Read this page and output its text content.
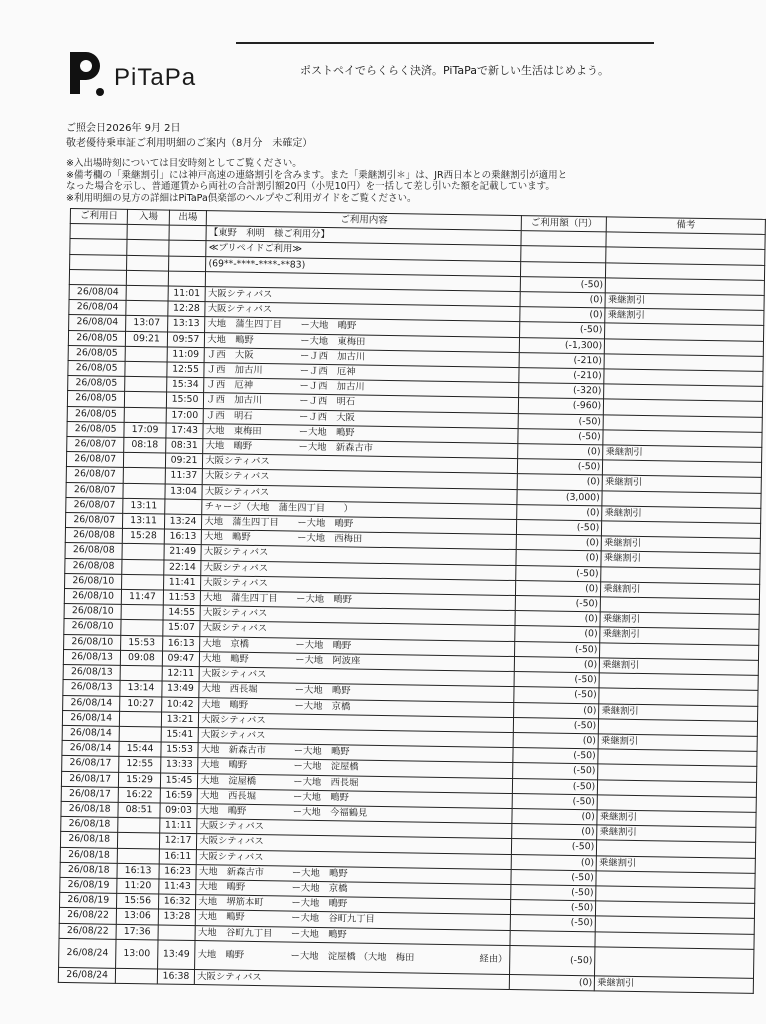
PiTaPa	ポストペイでらくらく決済。PiTaPaで新しい生活はじめよう。
ご照会日2026年 9月 2日
敬老優待乗車証ご利用明細のご案内（8月分　未確定）
※入出場時刻については目安時刻としてご覧ください。
※備考欄の「乗継割引」には神戸高速の連絡割引を含みます。また「乗継割引＊」は、JR西日本との乗継割引が適用と
なった場合を示し、普通運賃から両社の合計割引額20円（小児10円）を一括して差し引いた額を記載しています。
※利用明細の見方の詳細はPiTaPa倶楽部のヘルプやご利用ガイドをご覧ください。
ご利用日	入場	出場	ご利用内容	ご利用額（円）	備考
			【東野　利明　様ご利用分】		
			≪プリペイドご利用≫		
			(69**-****-****-**83)		
				(-50)	
26/08/04		11:01	大阪シティバス	(0)	乗継割引
26/08/04		12:28	大阪シティバス	(0)	乗継割引
26/08/04	13:07	13:13	大地　蒲生四丁目　　ー大地　鴫野	(-50)	
26/08/05	09:21	09:57	大地　鴫野　　　　　ー大地　東梅田	(-1,300)	
26/08/05		11:09	Ｊ西　大阪　　　　　ーＪ西　加古川	(-210)	
26/08/05		12:55	Ｊ西　加古川　　　　ーＪ西　厄神	(-210)	
26/08/05		15:34	Ｊ西　厄神　　　　　ーＪ西　加古川	(-320)	
26/08/05		15:50	Ｊ西　加古川　　　　ーＪ西　明石	(-960)	
26/08/05		17:00	Ｊ西　明石　　　　　ーＪ西　大阪	(-50)	
26/08/05	17:09	17:43	大地　東梅田　　　　ー大地　鴫野	(-50)	
26/08/07	08:18	08:31	大地　鴫野　　　　　ー大地　新森古市	(0)	乗継割引
26/08/07		09:21	大阪シティバス	(-50)	
26/08/07		11:37	大阪シティバス	(0)	乗継割引
26/08/07		13:04	大阪シティバス	(3,000)	
26/08/07	13:11		チャージ（大地　蒲生四丁目　　）	(0)	乗継割引
26/08/07	13:11	13:24	大地　蒲生四丁目　　ー大地　鴫野	(-50)	
26/08/08	15:28	16:13	大地　鴫野　　　　　ー大地　西梅田	(0)	乗継割引
26/08/08		21:49	大阪シティバス	(0)	乗継割引
26/08/08		22:14	大阪シティバス	(-50)	
26/08/10		11:41	大阪シティバス	(0)	乗継割引
26/08/10	11:47	11:53	大地　蒲生四丁目　　ー大地　鴫野	(-50)	
26/08/10		14:55	大阪シティバス	(0)	乗継割引
26/08/10		15:07	大阪シティバス	(0)	乗継割引
26/08/10	15:53	16:13	大地　京橋　　　　　ー大地　鴫野	(-50)	
26/08/13	09:08	09:47	大地　鴫野　　　　　ー大地　阿波座	(0)	乗継割引
26/08/13		12:11	大阪シティバス	(-50)	
26/08/13	13:14	13:49	大地　西長堀　　　　ー大地　鴫野	(-50)	
26/08/14	10:27	10:42	大地　鴫野　　　　　ー大地　京橋	(0)	乗継割引
26/08/14		13:21	大阪シティバス	(-50)	
26/08/14		15:41	大阪シティバス	(0)	乗継割引
26/08/14	15:44	15:53	大地　新森古市　　　ー大地　鴫野	(-50)	
26/08/17	12:55	13:33	大地　鴫野　　　　　ー大地　淀屋橋	(-50)	
26/08/17	15:29	15:45	大地　淀屋橋　　　　ー大地　西長堀	(-50)	
26/08/17	16:22	16:59	大地　西長堀　　　　ー大地　鴫野	(-50)	
26/08/18	08:51	09:03	大地　鴫野　　　　　ー大地　今福鶴見	(0)	乗継割引
26/08/18		11:11	大阪シティバス	(0)	乗継割引
26/08/18		12:17	大阪シティバス	(-50)	
26/08/18		16:11	大阪シティバス	(0)	乗継割引
26/08/18	16:13	16:23	大地　新森古市　　　ー大地　鴫野	(-50)	
26/08/19	11:20	11:43	大地　鴫野　　　　　ー大地　京橋	(-50)	
26/08/19	15:56	16:32	大地　堺筋本町　　　ー大地　鴫野	(-50)	
26/08/22	13:06	13:28	大地　鴫野　　　　　ー大地　谷町九丁目	(-50)	
26/08/22	17:36		大地　谷町九丁目　　ー大地　鴫野		
26/08/24	13:00	13:49	大地　鴫野　　　　　ー大地　淀屋橋 （大地　梅田　　　　　　　経由）	(-50)	
26/08/24		16:38	大阪シティバス	(0)	乗継割引
